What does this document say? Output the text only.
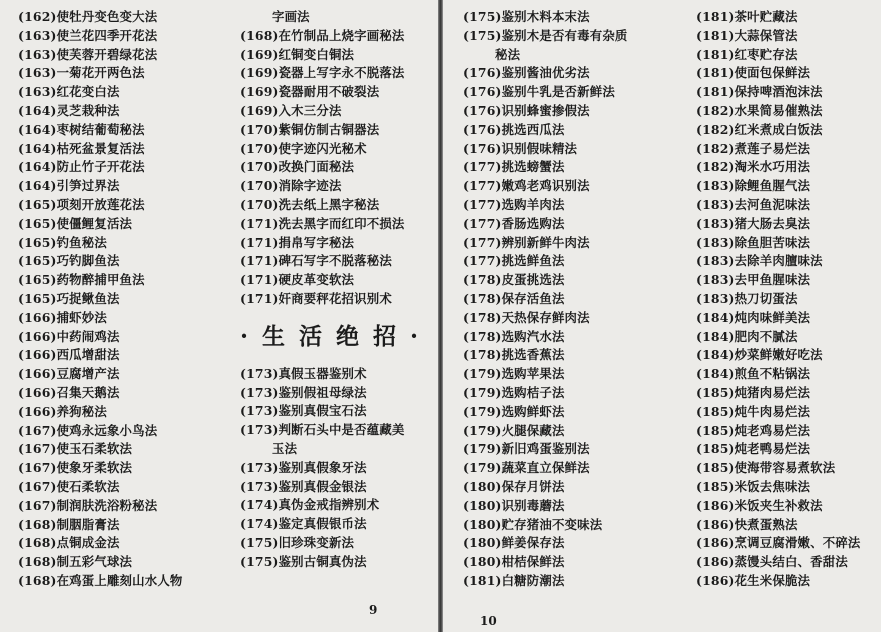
(162)使牡丹变色变大法
(163)使兰花四季开花法
(163)使芙蓉开碧绿花法
(163)一菊花开两色法
(163)红花变白法
(164)灵芝栽种法
(164)枣树结葡萄秘法
(164)枯死盆景复活法
(164)防止竹子开花法
(164)引笋过界法
(165)项刻开放莲花法
(165)使僵鲤复活法
(165)钓鱼秘法
(165)巧钓脚鱼法
(165)药物醉捕甲鱼法
(165)巧捉鳅鱼法
(166)捕虾妙法
(166)中药闹鸡法
(166)西瓜增甜法
(166)豆腐增产法
(166)召集天鹅法
(166)养狗秘法
(167)使鸡永远象小鸟法
(167)使玉石柔软法
(167)使象牙柔软法
(167)使石柔软法
(167)制润肤洗浴粉秘法
(168)制胭脂膏法
(168)点铜成金法
(168)制五彩气球法
(168)在鸡蛋上雕刻山水人物
字画法
(168)在竹制品上烧字画秘法
(169)红铜变白铜法
(169)瓷器上写字永不脱落法
(169)瓷器耐用不破裂法
(169)入木三分法
(170)紫铜仿制古铜器法
(170)使字迹闪光秘术
(170)改换门面秘法
(170)消除字迹法
(170)洗去纸上黑字秘法
(171)洗去黑字而红印不损法
(171)捐帛写字秘法
(171)碑石写字不脱落秘法
(171)硬皮革变软法
(171)奸商要秤花招识别术
·生活绝招·
(173)真假玉器鉴别术
(173)鉴别假祖母绿法
(173)鉴别真假宝石法
(173)判断石头中是否蕴藏美
玉法
(173)鉴别真假象牙法
(173)鉴别真假金银法
(174)真伪金戒指辨别术
(174)鉴定真假银币法
(175)旧珍珠变新法
(175)鉴别古铜真伪法
9
(175)鉴别木料本末法
(175)鉴别木是否有毒有杂质
秘法
(176)鉴别酱油优劣法
(176)鉴别牛乳是否新鲜法
(176)识别蜂蜜掺假法
(176)挑选西瓜法
(176)识别假味精法
(177)挑选螃蟹法
(177)嫩鸡老鸡识别法
(177)选购羊肉法
(177)香肠选购法
(177)辨别新鲜牛肉法
(177)挑选鲜鱼法
(178)皮蛋挑选法
(178)保存活鱼法
(178)天热保存鲜肉法
(178)选购汽水法
(178)挑选香蕉法
(179)选购苹果法
(179)选购桔子法
(179)选购鲜虾法
(179)火腿保藏法
(179)新旧鸡蛋鉴别法
(179)蔬菜直立保鲜法
(180)保存月饼法
(180)识别毒蘑法
(180)贮存猪油不变味法
(180)鲜姜保存法
(180)柑桔保鲜法
(181)白糖防潮法
(181)茶叶贮藏法
(181)大蒜保管法
(181)红枣贮存法
(181)使面包保鲜法
(181)保持啤酒泡沫法
(182)水果简易催熟法
(182)红米煮成白饭法
(182)煮莲子易烂法
(182)淘米水巧用法
(183)除鲤鱼腥气法
(183)去河鱼泥味法
(183)猪大肠去臭法
(183)除鱼胆苦味法
(183)去除羊肉膻味法
(183)去甲鱼腥味法
(183)热刀切蛋法
(184)炖肉味鲜美法
(184)肥肉不腻法
(184)炒菜鲜嫩好吃法
(184)煎鱼不粘锅法
(185)炖猪肉易烂法
(185)炖牛肉易烂法
(185)炖老鸡易烂法
(185)炖老鸭易烂法
(185)使海带容易煮软法
(185)米饭去焦味法
(186)米饭夹生补救法
(186)快煮蛋熟法
(186)烹调豆腐滑嫩、不碎法
(186)蒸馒头结白、香甜法
(186)花生米保脆法
10
